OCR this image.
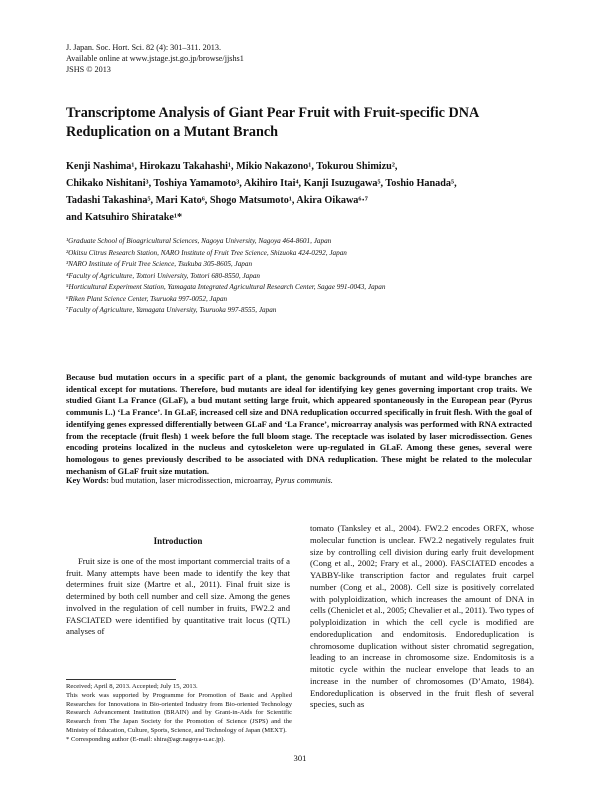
J. Japan. Soc. Hort. Sci. 82 (4): 301–311. 2013.
Available online at www.jstage.jst.go.jp/browse/jjshs1
JSHS © 2013
Transcriptome Analysis of Giant Pear Fruit with Fruit-specific DNA
Reduplication on a Mutant Branch
Kenji Nashima¹, Hirokazu Takahashi¹, Mikio Nakazono¹, Tokurou Shimizu²,
Chikako Nishitani³, Toshiya Yamamoto³, Akihiro Itai⁴, Kanji Isuzugawa⁵, Toshio Hanada⁵,
Tadashi Takashina⁵, Mari Kato⁶, Shogo Matsumoto¹, Akira Oikawa⁶·⁷
and Katsuhiro Shiratake¹*
¹Graduate School of Bioagricultural Sciences, Nagoya University, Nagoya 464-8601, Japan
²Okitsu Citrus Research Station, NARO Institute of Fruit Tree Science, Shizuoka 424-0292, Japan
³NARO Institute of Fruit Tree Science, Tsukuba 305-8605, Japan
⁴Faculty of Agriculture, Tottori University, Tottori 680-8550, Japan
⁵Horticultural Experiment Station, Yamagata Integrated Agricultural Research Center, Sagae 991-0043, Japan
⁶Riken Plant Science Center, Tsuruoka 997-0052, Japan
⁷Faculty of Agriculture, Yamagata University, Tsuruoka 997-8555, Japan
Because bud mutation occurs in a specific part of a plant, the genomic backgrounds of mutant and wild-type branches are identical except for mutations. Therefore, bud mutants are ideal for identifying key genes governing important crop traits. We studied Giant La France (GLaF), a bud mutant setting large fruit, which appeared spontaneously in the European pear (Pyrus communis L.) ‘La France’. In GLaF, increased cell size and DNA reduplication occurred specifically in fruit flesh. With the goal of identifying genes expressed differentially between GLaF and ‘La France’, microarray analysis was performed with RNA extracted from the receptacle (fruit flesh) 1 week before the full bloom stage. The receptacle was isolated by laser microdissection. Genes encoding proteins localized in the nucleus and cytoskeleton were up-regulated in GLaF. Among these genes, several were homologous to genes previously described to be associated with DNA reduplication. These might be related to the molecular mechanism of GLaF fruit size mutation.
Key Words: bud mutation, laser microdissection, microarray, Pyrus communis.
Introduction
Fruit size is one of the most important commercial traits of a fruit. Many attempts have been made to identify the key that determines fruit size (Martre et al., 2011). Final fruit size is determined by both cell number and cell size. Among the genes involved in the regulation of cell number in fruits, FW2.2 and FASCIATED were identified by quantitative trait locus (QTL) analyses of
tomato (Tanksley et al., 2004). FW2.2 encodes ORFX, whose molecular function is unclear. FW2.2 negatively regulates fruit size by controlling cell division during early fruit development (Cong et al., 2002; Frary et al., 2000). FASCIATED encodes a YABBY-like transcription factor and regulates fruit carpel number (Cong et al., 2008). Cell size is positively correlated with polyploidization, which increases the amount of DNA in cells (Cheniclet et al., 2005; Chevalier et al., 2011). Two types of polyploidization in which the cell cycle is modified are endoreduplication and endomitosis. Endoreduplication is chromosome duplication without sister chromatid segregation, leading to an increase in chromosome size. Endomitosis is a mitotic cycle within the nuclear envelope that leads to an increase in the number of chromosomes (D’Amato, 1984). Endoreduplication is observed in the fruit flesh of several species, such as
Received; April 8, 2013. Accepted; July 15, 2013.
This work was supported by Programme for Promotion of Basic and Applied Researches for Innovations in Bio-oriented Industry from Bio-oriented Technology Research Advancement Institution (BRAIN) and by Grant-in-Aids for Scientific Research from The Japan Society for the Promotion of Science (JSPS) and the Ministry of Education, Culture, Sports, Science, and Technology of Japan (MEXT).
* Corresponding author (E-mail: shira@agr.nagoya-u.ac.jp).
301
